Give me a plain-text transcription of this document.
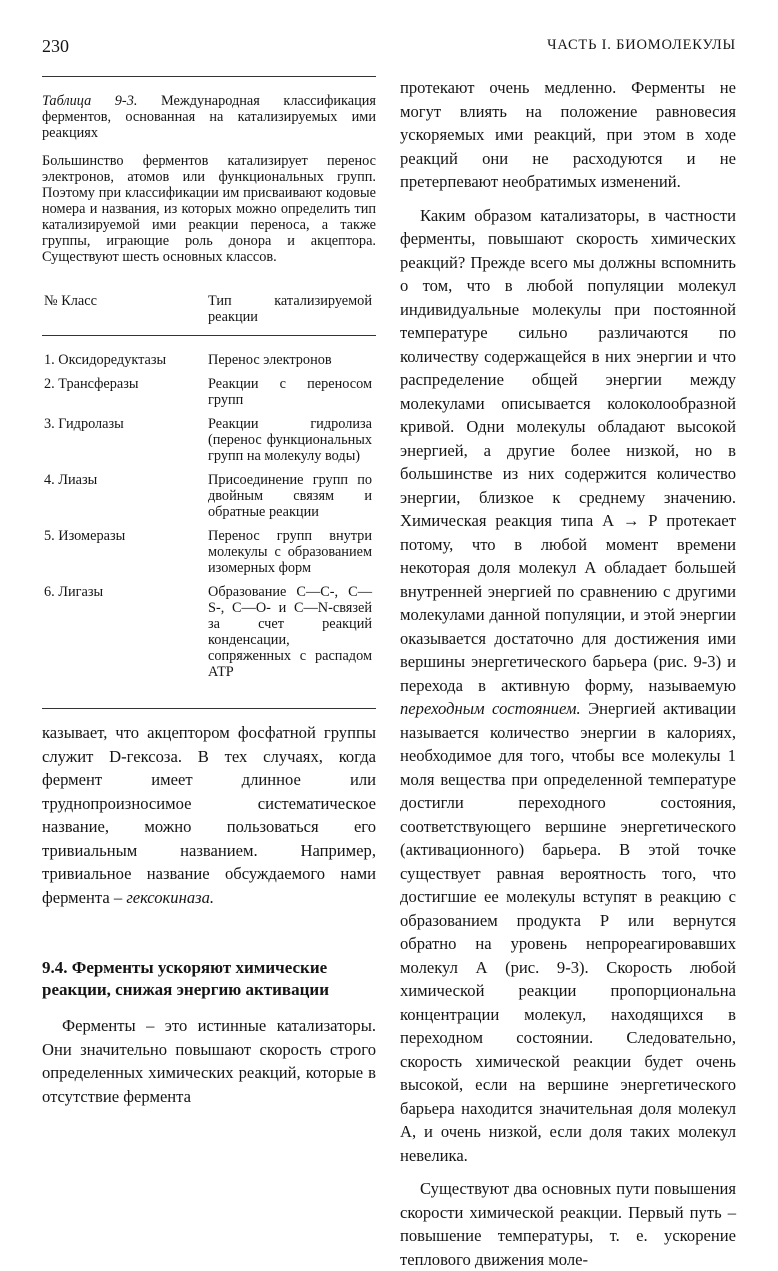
230	ЧАСТЬ I. БИОМОЛЕКУЛЫ
Таблица 9-3. Международная классификация ферментов, основанная на катализируемых ими реакциях
Большинство ферментов катализирует перенос электронов, атомов или функциональных групп. Поэтому при классификации им присваивают кодовые номера и названия, из которых можно определить тип катализируемой ими реакции переноса, а также группы, играющие роль донора и акцептора. Существуют шесть основных классов.
№ Класс	Тип катализируемой реакции
1. Оксидоредуктазы	Перенос электронов
2. Трансферазы	Реакции с переносом групп
3. Гидролазы	Реакции гидролиза (перенос функциональных групп на молекулу воды)
4. Лиазы	Присоединение групп по двойным связям и обратные реакции
5. Изомеразы	Перенос групп внутри молекулы с образованием изомерных форм
6. Лигазы	Образование С—С-, С—S-, С—О- и С—N-связей за счет реакций конденсации, сопряженных с распадом АТР

казывает, что акцептором фосфатной группы служит D-гексоза. В тех случаях, когда фермент имеет длинное или труднопроизносимое систематическое название, можно пользоваться его тривиальным названием. Например, тривиальное название обсуждаемого нами фермента – гексокиназа.

9.4. Ферменты ускоряют химические реакции, снижая энергию активации

Ферменты – это истинные катализаторы. Они значительно повышают скорость строго определенных химических реакций, которые в отсутствие фермента

протекают очень медленно. Ферменты не могут влиять на положение равновесия ускоряемых ими реакций, при этом в ходе реакций они не расходуются и не претерпевают необратимых изменений.

Каким образом катализаторы, в частности ферменты, повышают скорость химических реакций? Прежде всего мы должны вспомнить о том, что в любой популяции молекул индивидуальные молекулы при постоянной температуре сильно различаются по количеству содержащейся в них энергии и что распределение общей энергии между молекулами описывается колоколообразной кривой. Одни молекулы обладают высокой энергией, а другие более низкой, но в большинстве из них содержится количество энергии, близкое к среднему значению. Химическая реакция типа А → Р протекает потому, что в любой момент времени некоторая доля молекул А обладает большей внутренней энергией по сравнению с другими молекулами данной популяции, и этой энергии оказывается достаточно для достижения ими вершины энергетического барьера (рис. 9-3) и перехода в активную форму, называемую переходным состоянием. Энергией активации называется количество энергии в калориях, необходимое для того, чтобы все молекулы 1 моля вещества при определенной температуре достигли переходного состояния, соответствующего вершине энергетического (активационного) барьера. В этой точке существует равная вероятность того, что достигшие ее молекулы вступят в реакцию с образованием продукта Р или вернутся обратно на уровень непрореагировавших молекул А (рис. 9-3). Скорость любой химической реакции пропорциональна концентрации молекул, находящихся в переходном состоянии. Следовательно, скорость химической реакции будет очень высокой, если на вершине энергетического барьера находится значительная доля молекул А, и очень низкой, если доля таких молекул невелика.

Существуют два основных пути повышения скорости химической реакции. Первый путь – повышение температуры, т. е. ускорение теплового движения моле-
